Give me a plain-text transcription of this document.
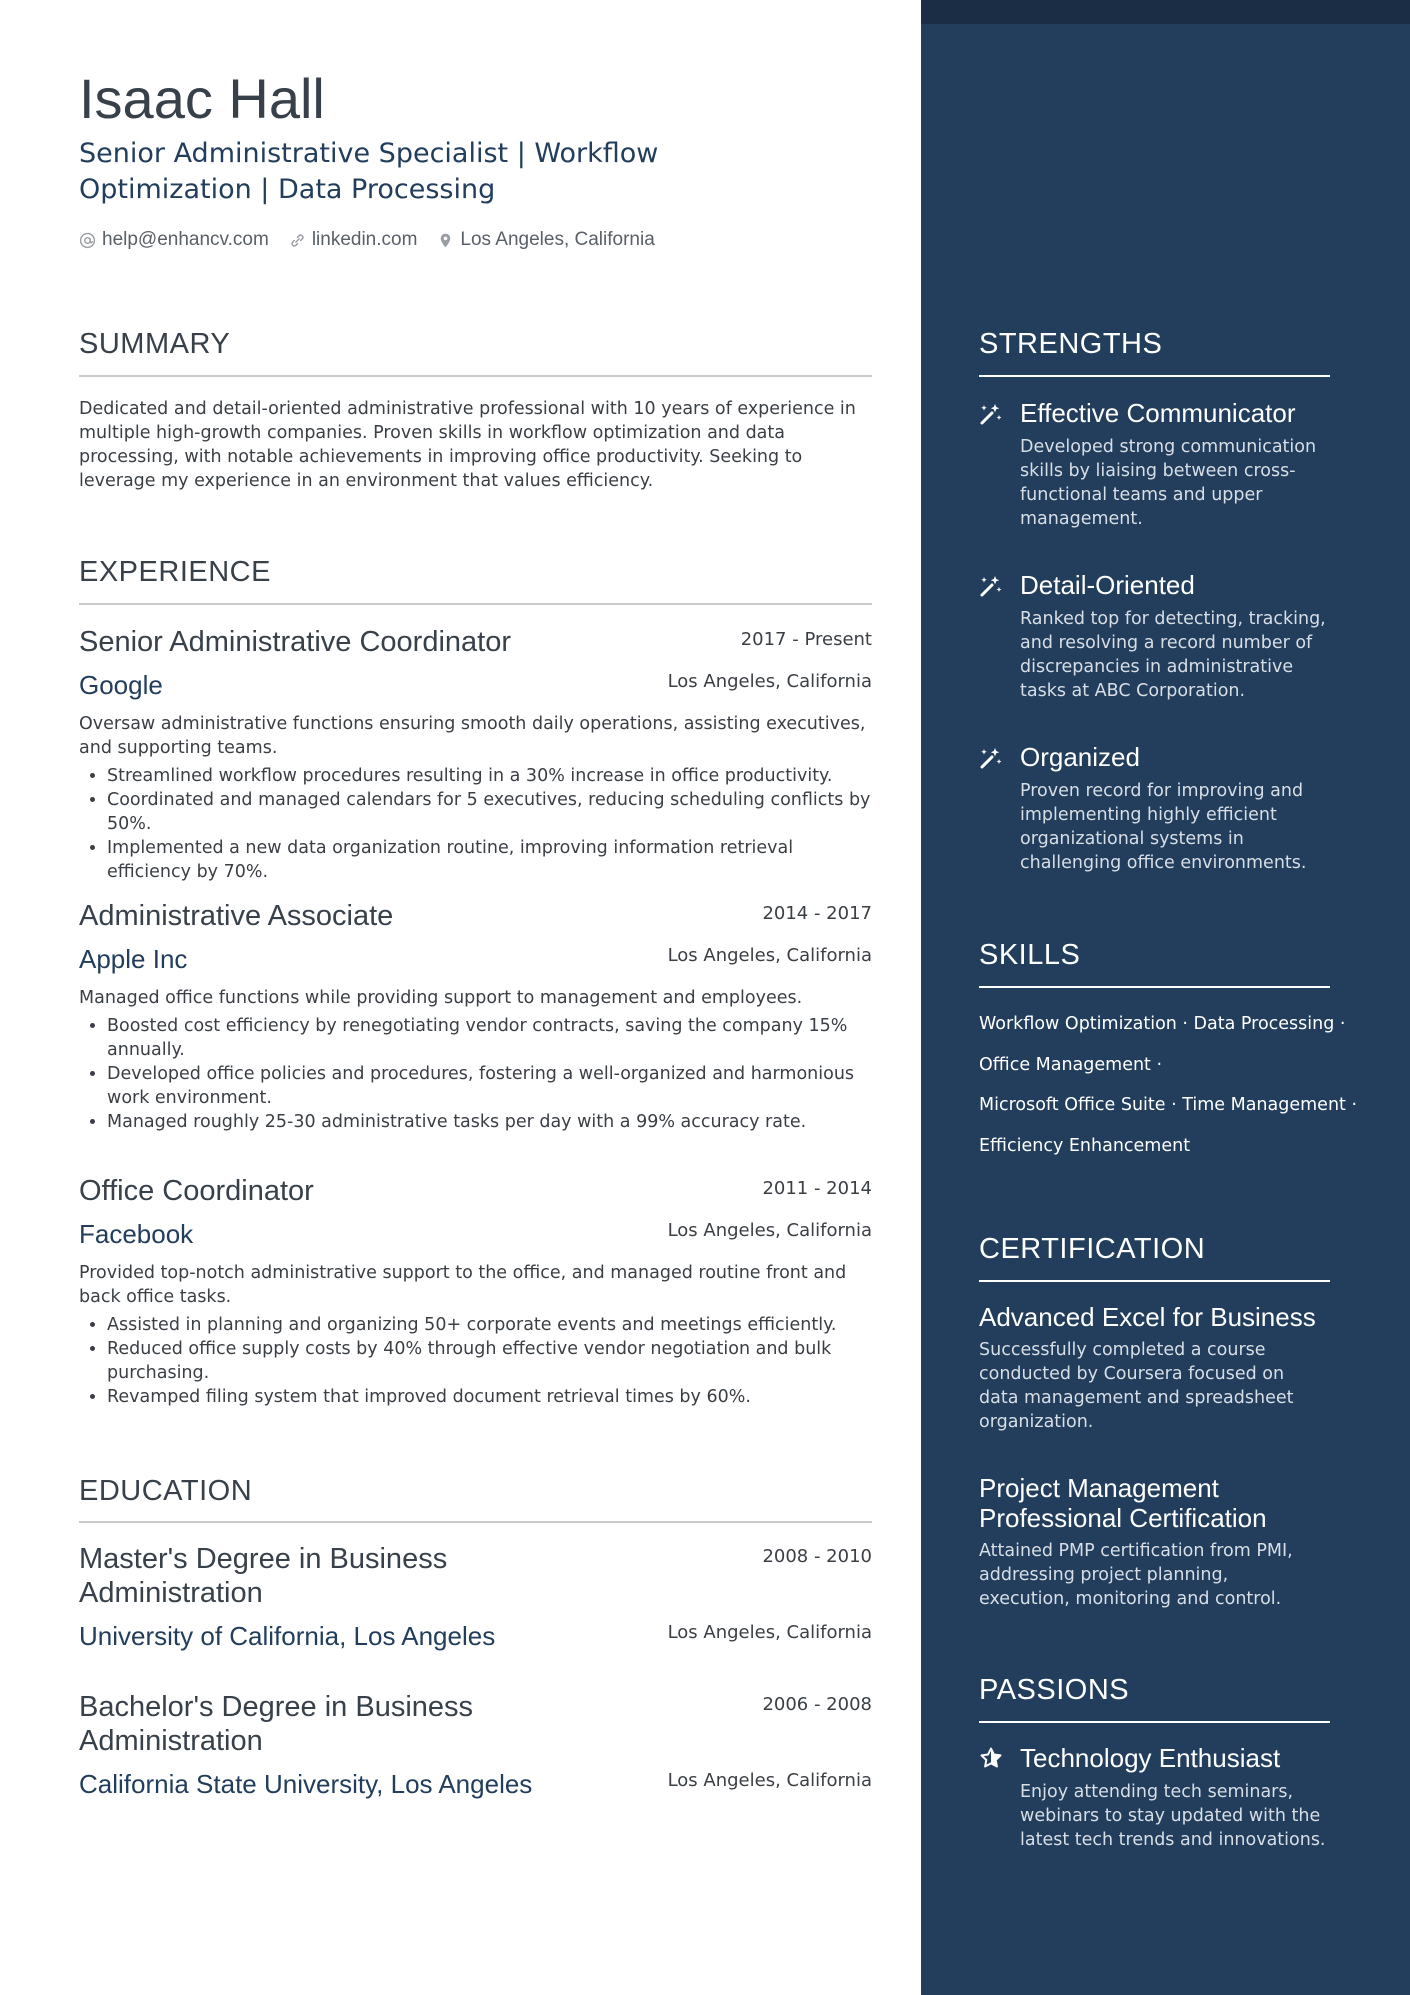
Isaac Hall
Senior Administrative Specialist | Workflow Optimization | Data Processing
help@enhancv.com linkedin.com Los Angeles, California
SUMMARY
Dedicated and detail-oriented administrative professional with 10 years of experience in multiple high-growth companies. Proven skills in workflow optimization and data processing, with notable achievements in improving office productivity. Seeking to leverage my experience in an environment that values efficiency.
EXPERIENCE
Senior Administrative Coordinator	2017 - Present
Google	Los Angeles, California
Oversaw administrative functions ensuring smooth daily operations, assisting executives, and supporting teams.
• Streamlined workflow procedures resulting in a 30% increase in office productivity.
• Coordinated and managed calendars for 5 executives, reducing scheduling conflicts by 50%.
• Implemented a new data organization routine, improving information retrieval efficiency by 70%.
Administrative Associate	2014 - 2017
Apple Inc	Los Angeles, California
Managed office functions while providing support to management and employees.
• Boosted cost efficiency by renegotiating vendor contracts, saving the company 15% annually.
• Developed office policies and procedures, fostering a well-organized and harmonious work environment.
• Managed roughly 25-30 administrative tasks per day with a 99% accuracy rate.
Office Coordinator	2011 - 2014
Facebook	Los Angeles, California
Provided top-notch administrative support to the office, and managed routine front and back office tasks.
• Assisted in planning and organizing 50+ corporate events and meetings efficiently.
• Reduced office supply costs by 40% through effective vendor negotiation and bulk purchasing.
• Revamped filing system that improved document retrieval times by 60%.
EDUCATION
Master's Degree in Business Administration
2008 - 2010
University of California, Los Angeles	Los Angeles, California
Bachelor's Degree in Business Administration
2006 - 2008
California State University, Los Angeles	Los Angeles, California
STRENGTHS
Effective Communicator
Developed strong communication skills by liaising between cross-functional teams and upper management.
Detail-Oriented
Ranked top for detecting, tracking, and resolving a record number of discrepancies in administrative tasks at ABC Corporation.
Organized
Proven record for improving and implementing highly efficient organizational systems in challenging office environments.
SKILLS
Workflow Optimization · Data Processing ·
Office Management ·
Microsoft Office Suite · Time Management ·
Efficiency Enhancement
CERTIFICATION
Advanced Excel for Business
Successfully completed a course conducted by Coursera focused on data management and spreadsheet organization.
Project Management Professional Certification
Attained PMP certification from PMI, addressing project planning, execution, monitoring and control.
PASSIONS
Technology Enthusiast
Enjoy attending tech seminars, webinars to stay updated with the latest tech trends and innovations.
